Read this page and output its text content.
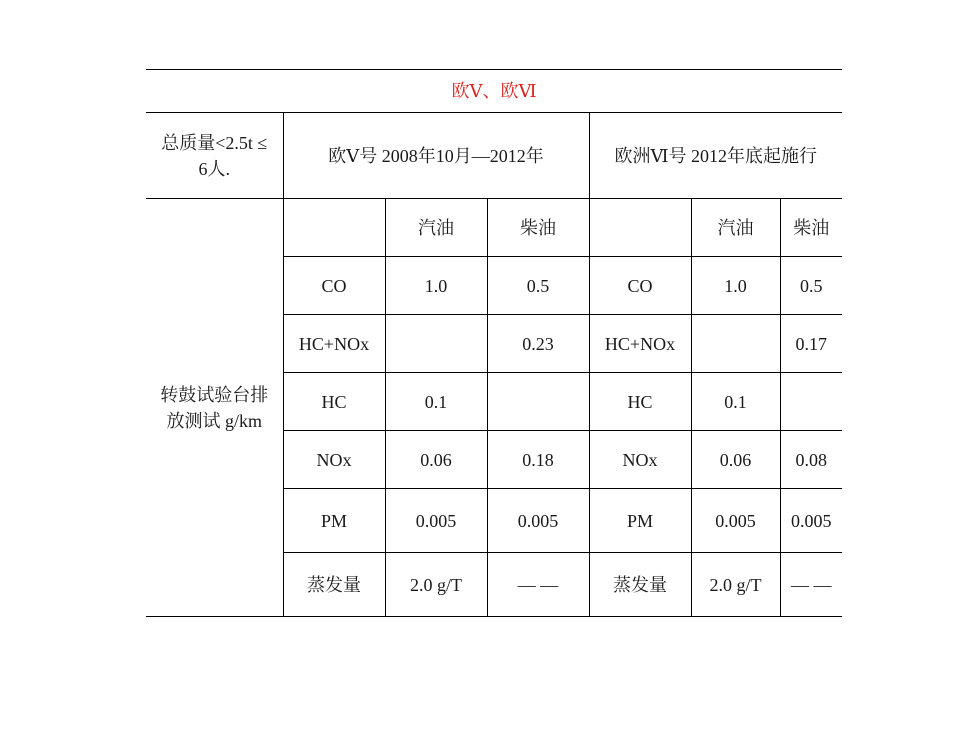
欧Ⅴ、欧Ⅵ						
总质量<2.5t ≤6人.	欧Ⅴ号 2008年10月—2012年			欧洲Ⅵ号 2012年底起施行		
转鼓试验台排放测试 g/km		汽油	柴油		汽油	柴油
	CO	1.0	0.5	CO	1.0	0.5
	HC+NOx		0.23	HC+NOx		0.17
	HC	0.1		HC	0.1	
	NOx	0.06	0.18	NOx	0.06	0.08
	PM	0.005	0.005	PM	0.005	0.005
	蒸发量	2.0 g/T	— —	蒸发量	2.0 g/T	— —
